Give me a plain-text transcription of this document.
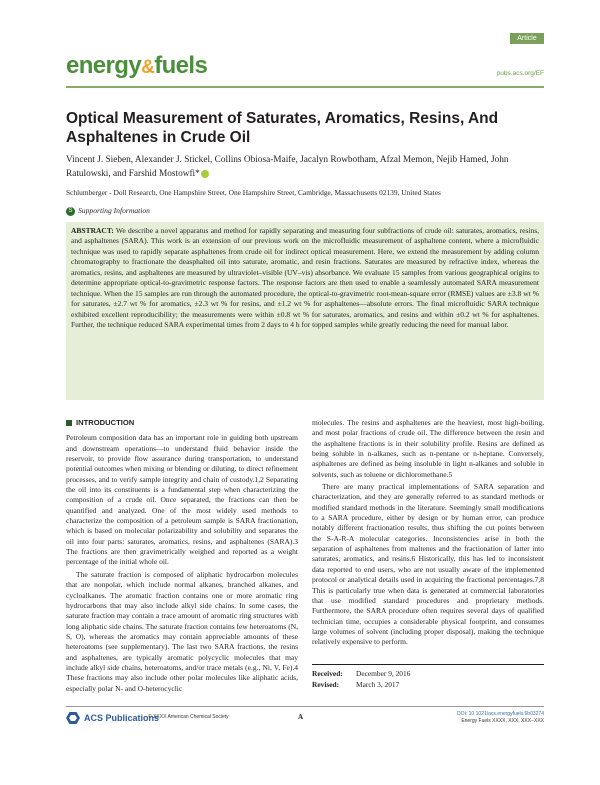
energy&fuels
Article
pubs.acs.org/EF
Optical Measurement of Saturates, Aromatics, Resins, And Asphaltenes in Crude Oil
Vincent J. Sieben, Alexander J. Stickel, Collins Obiosa-Maife, Jacalyn Rowbotham, Afzal Memon, Nejib Hamed, John Ratulowski, and Farshid Mostowfi*
Schlumberger - Doll Research, One Hampshire Street, One Hampshire Street, Cambridge, Massachusetts 02139, United States
S Supporting Information
ABSTRACT: We describe a novel apparatus and method for rapidly separating and measuring four subfractions of crude oil: saturates, aromatics, resins, and asphaltenes (SARA). This work is an extension of our previous work on the microfluidic measurement of asphaltene content, where a microfluidic technique was used to rapidly separate asphaltenes from crude oil for indirect optical measurement. Here, we extend the measurement by adding column chromatography to fractionate the deasphalted oil into saturate, aromatic, and resin fractions. Saturates are measured by refractive index, whereas the aromatics, resins, and asphaltenes are measured by ultraviolet–visible (UV–vis) absorbance. We evaluate 15 samples from various geographical origins to determine appropriate optical-to-gravimetric response factors. The response factors are then used to enable a seamlessly automated SARA measurement technique. When the 15 samples are run through the automated procedure, the optical-to-gravimetric root-mean-square error (RMSE) values are ±3.8 wt % for saturates, ±2.7 wt % for aromatics, ±2.3 wt % for resins, and ±1.2 wt % for asphaltenes—absolute errors. The final microfluidic SARA technique exhibited excellent reproducibility; the measurements were within ±0.8 wt % for saturates, aromatics, and resins and within ±0.2 wt % for asphaltenes. Further, the technique reduced SARA experimental times from 2 days to 4 h for topped samples while greatly reducing the need for manual labor.
INTRODUCTION

Petroleum composition data has an important role in guiding both upstream and downstream operations—to understand fluid behavior inside the reservoir, to provide flow assurance during transportation, to understand potential outcomes when mixing or blending or diluting, to direct refinement processes, and to verify sample integrity and chain of custody.1,2 Separating the oil into its constituents is a fundamental step when characterizing the composition of a crude oil. Once separated, the fractions can then be quantified and analyzed. One of the most widely used methods to characterize the composition of a petroleum sample is SARA fractionation, which is based on molecular polarizability and solubility and separates the oil into four parts: saturates, aromatics, resins, and asphaltenes (SARA).3 The fractions are then gravimetrically weighed and reported as a weight percentage of the initial whole oil.

The saturate fraction is composed of aliphatic hydrocarbon molecules that are nonpolar, which include normal alkanes, branched alkanes, and cycloalkanes. The aromatic fraction contains one or more aromatic ring hydrocarbons that may also include alkyl side chains. In some cases, the saturate fraction may contain a trace amount of aromatic ring structures with long aliphatic side chains. The saturate fraction contains few heteroatoms (N, S, O), whereas the aromatics may contain appreciable amounts of these heteroatoms (see supplementary). The last two SARA fractions, the resins and asphaltenes, are typically aromatic polycyclic molecules that may include alkyl side chains, heteroatoms, and/or trace metals (e.g., Ni, V, Fe).4 These fractions may also include other polar molecules like aliphatic acids, especially polar N- and O-heterocyclic

molecules. The resins and asphaltenes are the heaviest, most high-boiling, and most polar fractions of crude oil. The difference between the resin and the asphaltene fractions is in their solubility profile. Resins are defined as being soluble in n-alkanes, such as n-pentane or n-heptane. Conversely, asphaltenes are defined as being insoluble in light n-alkanes and soluble in solvents, such as toluene or dichloromethane.5

There are many practical implementations of SARA separation and characterization, and they are generally referred to as standard methods or modified standard methods in the literature. Seemingly small modifications to a SARA procedure, either by design or by human error, can produce notably different fractionation results, thus shifting the cut points between the S-A-R-A molecular categories. Inconsistencies arise in both the separation of asphaltenes from maltenes and the fractionation of latter into saturates, aromatics, and resins.6 Historically, this has led to inconsistent data reported to end users, who are not usually aware of the implemented protocol or analytical details used in acquiring the fractional percentages.7,8 This is particularly true when data is generated at commercial laboratories that use modified standard procedures and proprietary methods. Furthermore, the SARA procedure often requires several days of qualified technician time, occupies a considerable physical footprint, and consumes large volumes of solvent (including proper disposal), making the technique relatively expensive to perform.

Received:	December 9, 2016
Revised:	March 3, 2017
ACS Publications
© XXXX American Chemical Society	A	DOI: 10.1021/acs.energyfuels.6b03274
Energy Fuels XXXX, XXX, XXX−XXX
